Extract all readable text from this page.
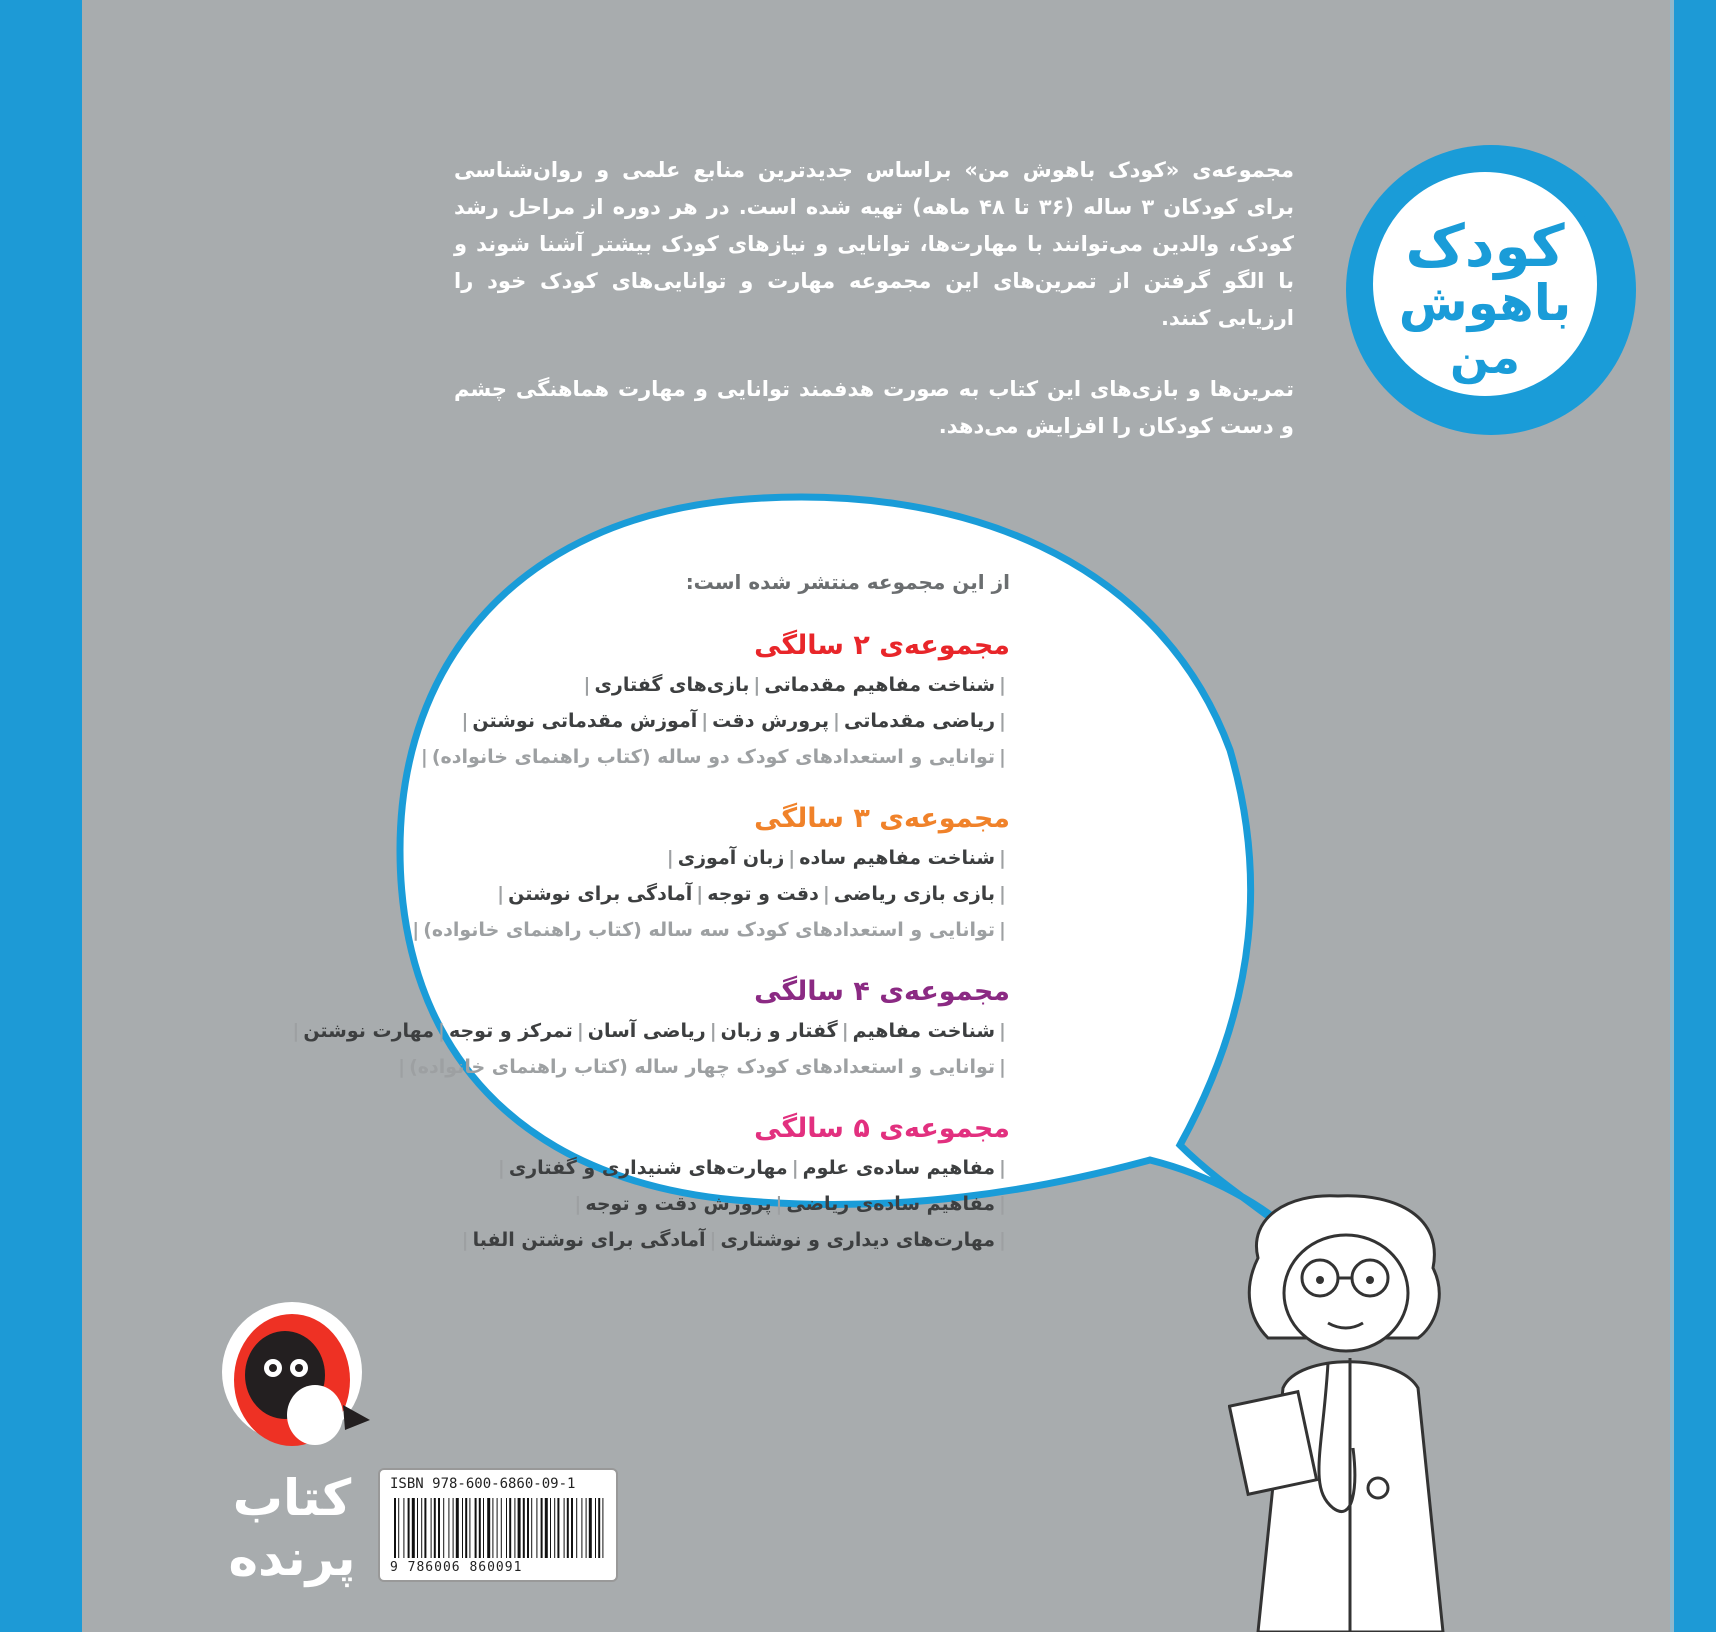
کودک
باهوش
من

مجموعه‌ی «کودک باهوش من» براساس جدیدترین منابع علمی و روان‌شناسی برای کودکان ۳ ساله (۳۶ تا ۴۸ ماهه) تهیه شده است. در هر دوره از مراحل رشد کودک، والدین می‌توانند با مهارت‌ها، توانایی و نیازهای کودک بیشتر آشنا شوند و با الگو گرفتن از تمرین‌های این مجموعه مهارت و توانایی‌های کودک خود را ارزیابی کنند.

تمرین‌ها و بازی‌های این کتاب به صورت هدفمند توانایی و مهارت هماهنگی چشم و دست کودکان را افزایش می‌دهد.

از این مجموعه منتشر شده است:
مجموعه‌ی ۲ سالگی
|شناخت مفاهیم مقدماتی|بازی‌های گفتاری|
|ریاضی مقدماتی|پرورش دقت|آموزش مقدماتی نوشتن|
|توانایی و استعدادهای کودک دو ساله (کتاب راهنمای خانواده)|
مجموعه‌ی ۳ سالگی
|شناخت مفاهیم ساده|زبان آموزی|
|بازی بازی ریاضی|دقت و توجه|آمادگی برای نوشتن|
|توانایی و استعدادهای کودک سه ساله (کتاب راهنمای خانواده)|
مجموعه‌ی ۴ سالگی
|شناخت مفاهیم|گفتار و زبان|ریاضی آسان|تمرکز و توجه|مهارت نوشتن|
|توانایی و استعدادهای کودک چهار ساله (کتاب راهنمای خانواده)|
مجموعه‌ی ۵ سالگی
|مفاهیم ساده‌ی علوم|مهارت‌های شنیداری و گفتاری|
|مفاهیم ساده‌ی ریاضی|پرورش دقت و توجه|
|مهارت‌های دیداری و نوشتاری|آمادگی برای نوشتن الفبا|
کتاب
پرنده
ISBN 978-600-6860-09-1
9 786006 860091
